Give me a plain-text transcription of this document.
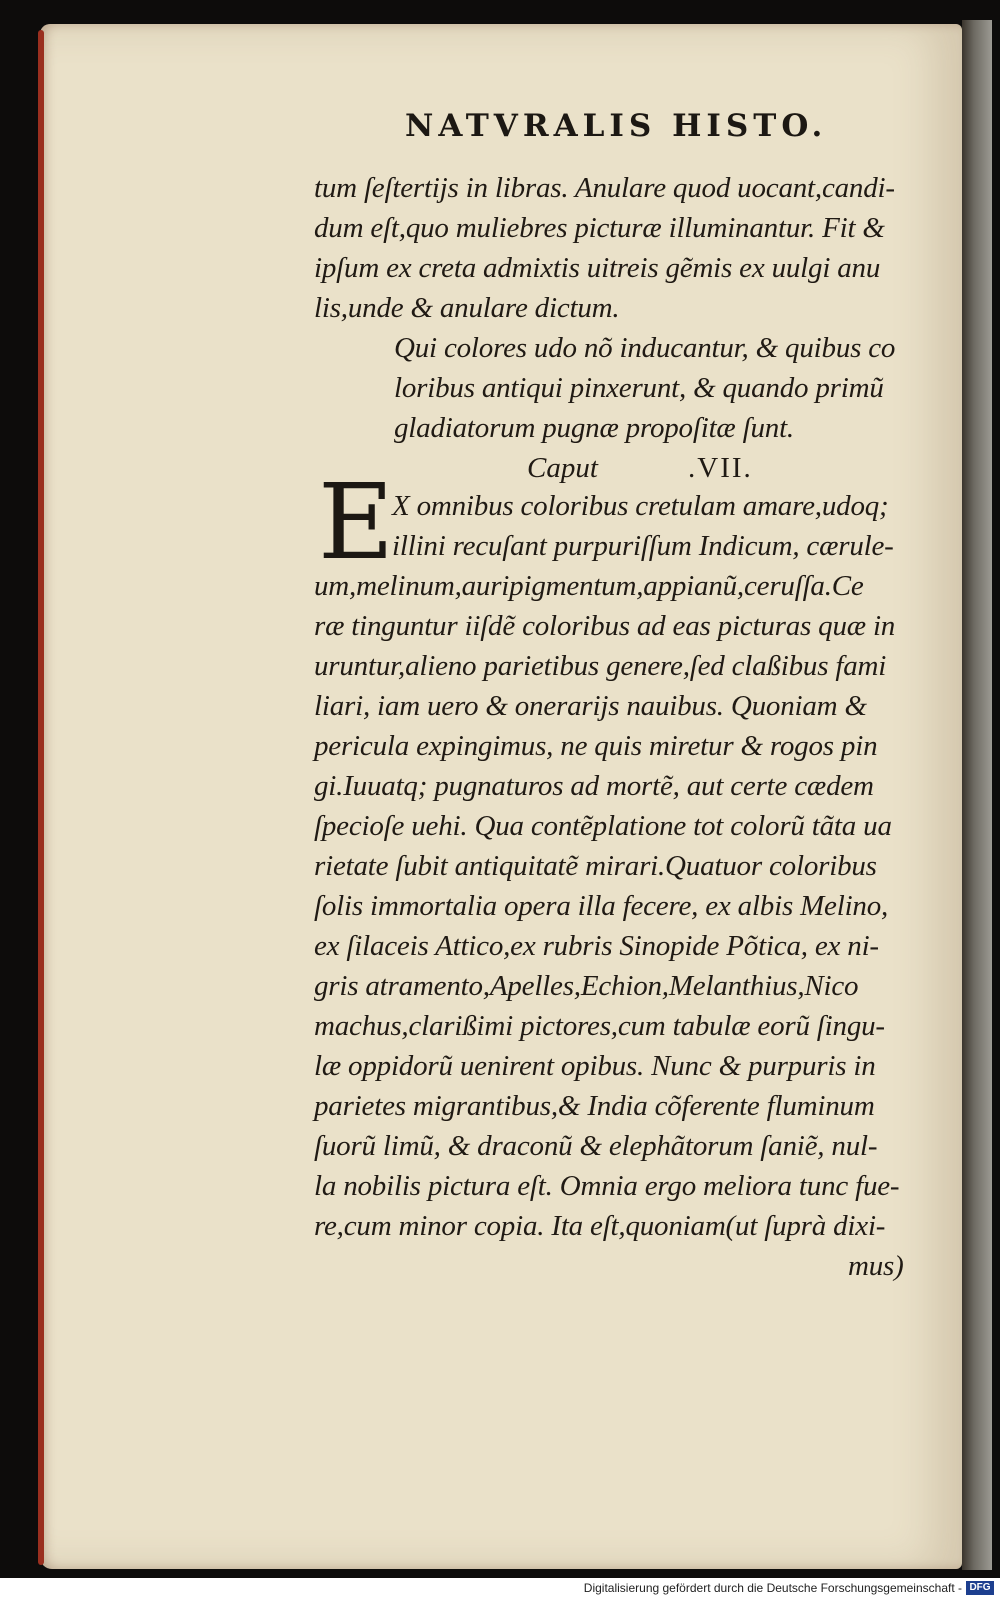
NATVRALIS HISTO.
tum ſeſtertijs in libras. Anulare quod uocant,candi-
dum eſt,quo muliebres picturæ illuminantur. Fit &
ipſum ex creta admixtis uitreis gẽmis ex uulgi anu
lis,unde & anulare dictum.
Qui colores udo nõ inducantur, & quibus co
loribus antiqui pinxerunt, & quando primũ
gladiatorum pugnæ propoſitæ ſunt.
Caput	.VII.
E
X omnibus coloribus cretulam amare,udoq;
illini recuſant purpuriſſum Indicum, cærule-
um,melinum,auripigmentum,appianũ,ceruſſa.Ce
ræ tinguntur iiſdẽ coloribus ad eas picturas quæ in
uruntur,alieno parietibus genere,ſed claßibus fami
liari, iam uero & onerarijs nauibus. Quoniam &
pericula expingimus, ne quis miretur & rogos pin
gi.Iuuatq; pugnaturos ad mortẽ, aut certe cædem
ſpecioſe uehi. Qua contẽplatione tot colorũ tãta ua
rietate ſubit antiquitatẽ mirari.Quatuor coloribus
ſolis immortalia opera illa fecere, ex albis Melino,
ex ſilaceis Attico,ex rubris Sinopide Põtica, ex ni-
gris atramento,Apelles,Echion,Melanthius,Nico
machus,clarißimi pictores,cum tabulæ eorũ ſingu-
læ oppidorũ uenirent opibus. Nunc & purpuris in
parietes migrantibus,& India cõferente fluminum
ſuorũ limũ, & draconũ & elephãtorum ſaniẽ, nul-
la nobilis pictura eſt. Omnia ergo meliora tunc fue-
re,cum minor copia. Ita eſt,quoniam(ut ſuprà dixi-
mus)
Digitalisierung gefördert durch die Deutsche Forschungsgemeinschaft - DFG
